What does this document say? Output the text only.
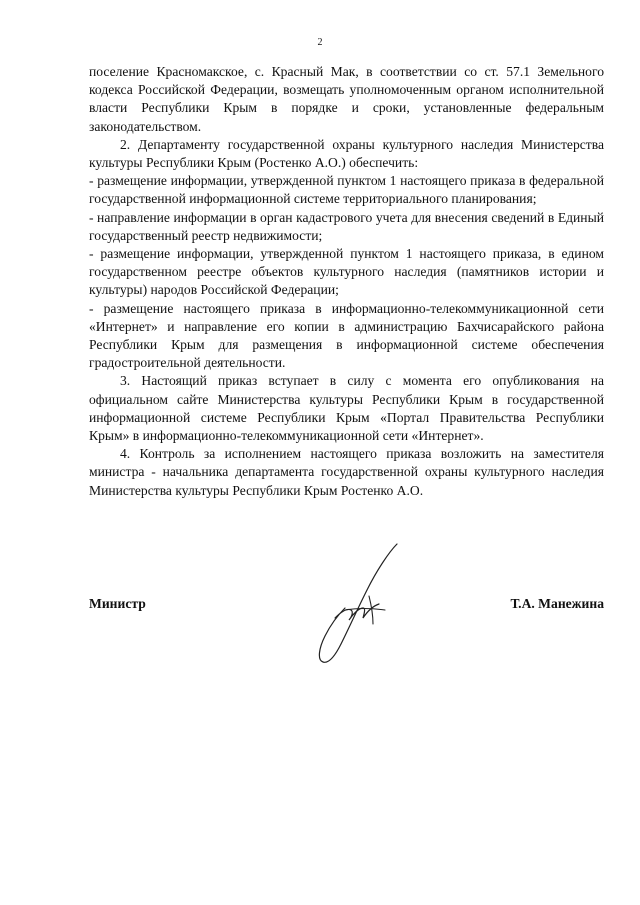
2

поселение Красномакское, с. Красный Мак, в соответствии со ст. 57.1 Земельного кодекса Российской Федерации, возмещать уполномоченным органом исполнительной власти Республики Крым в порядке и сроки, установленные федеральным законодательством.

2. Департаменту государственной охраны культурного наследия Министерства культуры Республики Крым (Ростенко А.О.) обеспечить:

- размещение информации, утвержденной пунктом 1 настоящего приказа в федеральной государственной информационной системе территориального планирования;

- направление информации в орган кадастрового учета для внесения сведений в Единый государственный реестр недвижимости;

- размещение информации, утвержденной пунктом 1 настоящего приказа, в едином государственном реестре объектов культурного наследия (памятников истории и культуры) народов Российской Федерации;

- размещение настоящего приказа в информационно-телекоммуникационной сети «Интернет» и направление его копии в администрацию Бахчисарайского района Республики Крым для размещения в информационной системе обеспечения градостроительной деятельности.

3. Настоящий приказ вступает в силу с момента его опубликования на официальном сайте Министерства культуры Республики Крым в государственной информационной системе Республики Крым «Портал Правительства Республики Крым» в информационно-телекоммуникационной сети «Интернет».

4. Контроль за исполнением настоящего приказа возложить на заместителя министра - начальника департамента государственной охраны культурного наследия Министерства культуры Республики Крым Ростенко А.О.

Министр	Т.А. Манежина
